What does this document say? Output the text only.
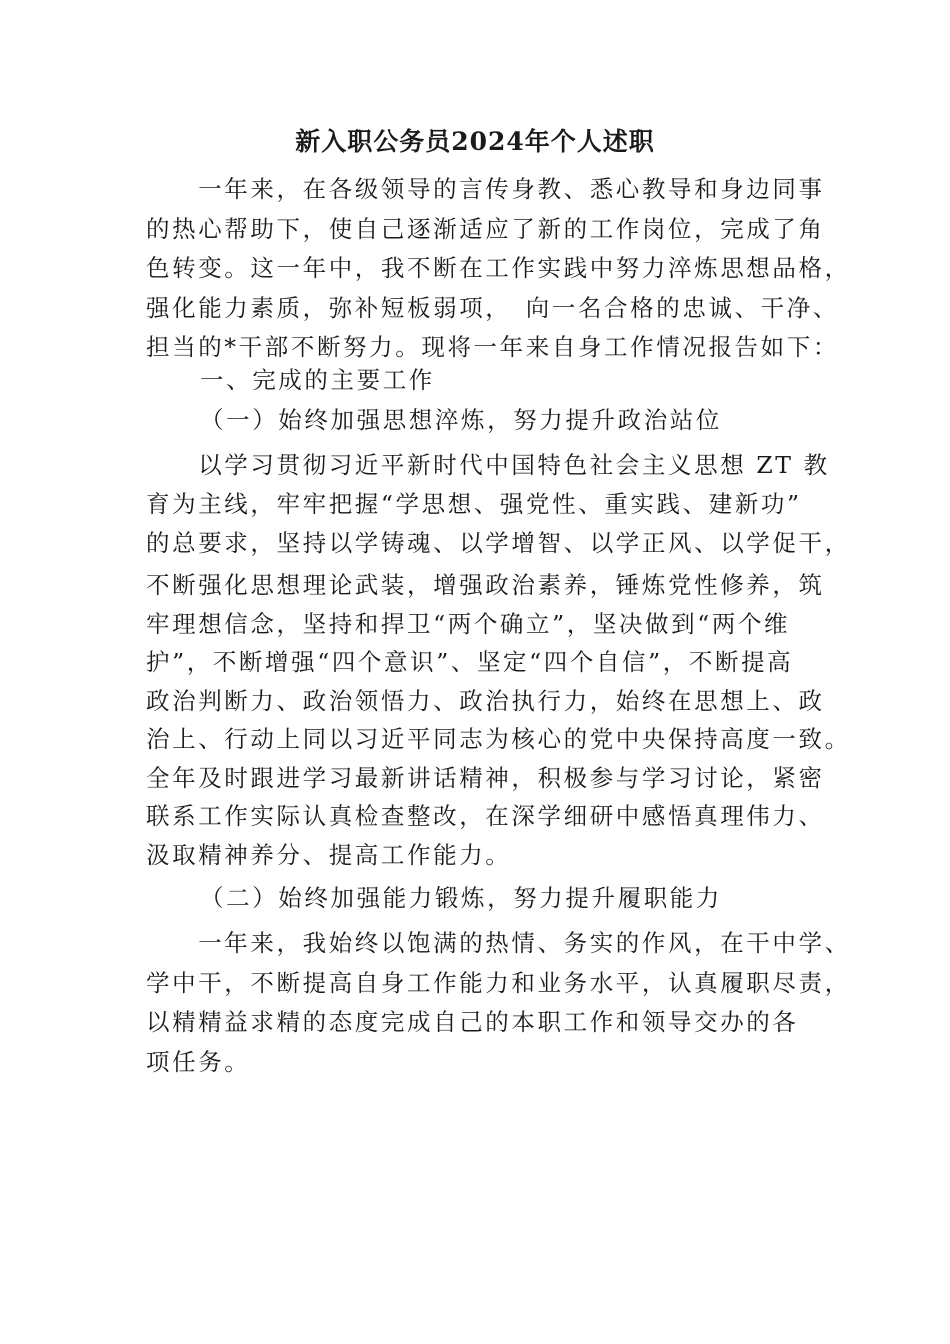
新入职公务员2024年个人述职
　　一年来，在各级领导的言传身教、悉心教导和身边同事
的热心帮助下，使自己逐渐适应了新的工作岗位，完成了角
色转变。这一年中，我不断在工作实践中努力淬炼思想品格，
强化能力素质，弥补短板弱项，　向一名合格的忠诚、干净、
担当的*干部不断努力。现将一年来自身工作情况报告如下：

一、完成的主要工作

（一）始终加强思想淬炼，努力提升政治站位

　　以学习贯彻习近平新时代中国特色社会主义思想 ZT 教
育为主线，牢牢把握“学思想、强党性、重实践、建新功”
的总要求，坚持以学铸魂、以学增智、以学正风、以学促干，
不断强化思想理论武装，增强政治素养，锤炼党性修养，筑
牢理想信念，坚持和捍卫“两个确立”，坚决做到“两个维
护”，不断增强“四个意识”、坚定“四个自信”，不断提高
政治判断力、政治领悟力、政治执行力，始终在思想上、政
治上、行动上同以习近平同志为核心的党中央保持高度一致。
全年及时跟进学习最新讲话精神，积极参与学习讨论，紧密
联系工作实际认真检查整改，在深学细研中感悟真理伟力、
汲取精神养分、提高工作能力。

（二）始终加强能力锻炼，努力提升履职能力

　　一年来，我始终以饱满的热情、务实的作风，在干中学、
学中干，不断提高自身工作能力和业务水平，认真履职尽责，
以精精益求精的态度完成自己的本职工作和领导交办的各
项任务。
